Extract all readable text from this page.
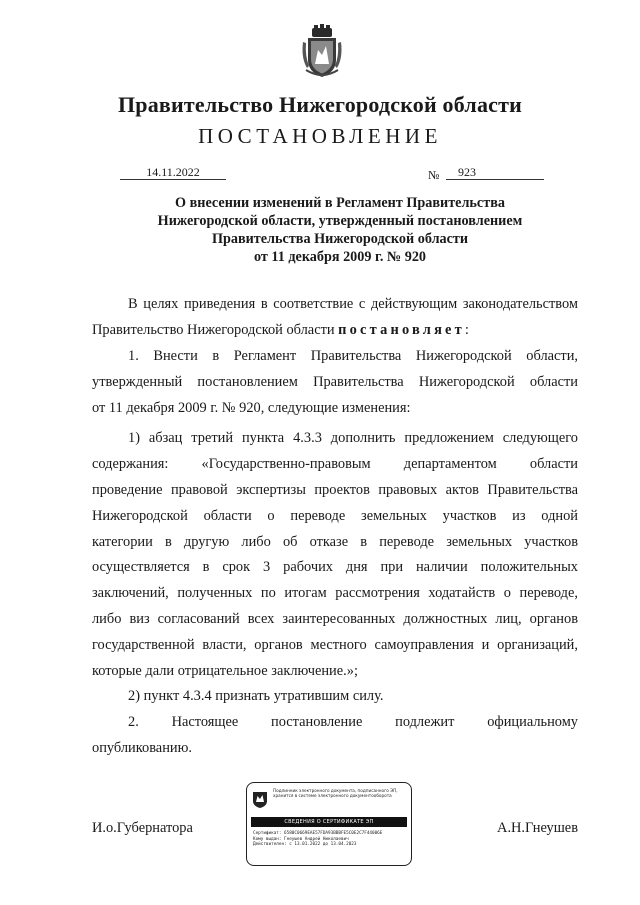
Правительство Нижегородской области
ПОСТАНОВЛЕНИЕ
14.11.2022	№	923
О внесении изменений в Регламент Правительства
Нижегородской области, утвержденный постановлением
Правительства Нижегородской области
от 11 декабря 2009 г. № 920
В целях приведения в соответствие с действующим законодательством
Правительство Нижегородской области постановляет:
1. Внести в Регламент Правительства Нижегородской области,
утвержденный постановлением Правительства Нижегородской области
от 11 декабря 2009 г. № 920, следующие изменения:
1) абзац третий пункта 4.3.3 дополнить предложением следующего
содержания: «Государственно-правовым департаментом области
проведение правовой экспертизы проектов правовых актов Правительства
Нижегородской области о переводе земельных участков из одной
категории в другую либо об отказе в переводе земельных участков
осуществляется в срок 3 рабочих дня при наличии положительных
заключений, полученных по итогам рассмотрения ходатайств о переводе,
либо виз согласований всех заинтересованных должностных лиц, органов
государственной власти, органов местного самоуправления и организаций,
которые дали отрицательное заключение.»;
2) пункт 4.3.4 признать утратившим силу.
2. Настоящее постановление подлежит официальному
опубликованию.
И.о.Губернатора	А.Н.Гнеушев
Подлинник электронного документа, подписанного ЭП,
хранится в системе электронного документооборота
СВЕДЕНИЯ О СЕРТИФИКАТЕ ЭП
Сертификат: 6580C0669EAE57FDA93BBBFE5C0E2C7F44006E
Кому выдан: Гнеушев Андрей Николаевич
Действителен: с 13.01.2022 до 13.04.2023
